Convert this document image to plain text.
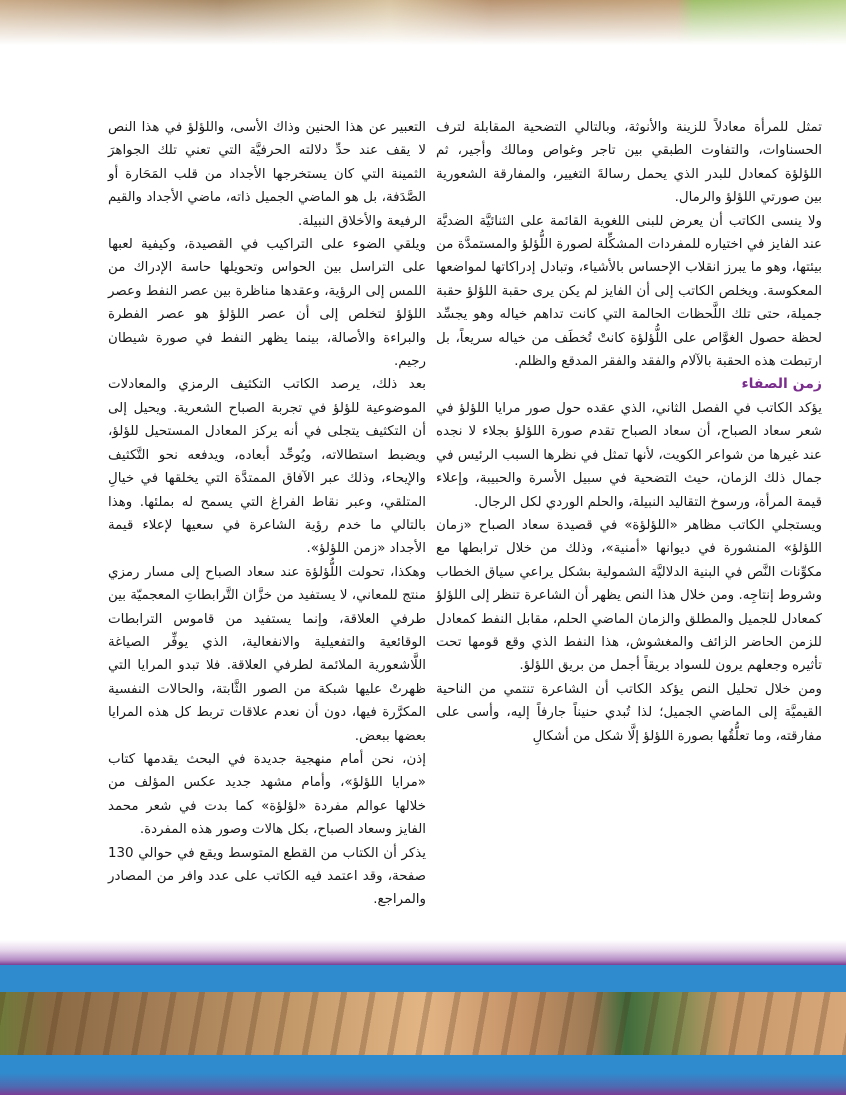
تمثل للمرأة معادلاً للزينة والأنوثة، وبالتالي التضحية المقابلة لترف الحسناوات، والتفاوت الطبقي بين تاجر وغواص ومالك وأجير، ثم اللؤلؤة كمعادل للبدر الذي يحمل رسالةَ التغيير، والمفارقة الشعورية بين صورتي اللؤلؤ والرمال.

ولا ينسى الكاتب أن يعرض للبنى اللغوية القائمة على الثنائيَّة الضديَّة عند الفايز في اختياره للمفردات المشكِّلة لصورة اللُّؤلؤ والمستمدَّة من بيئتها، وهو ما يبرز انقلاب الإحساس بالأشياء، وتبادل إدراكاتها لمواضعها المعكوسة. ويخلص الكاتب إلى أن الفايز لم يكن يرى حقبة اللؤلؤ حقبة جميلة، حتى تلك اللَّحظات الحالمة التي كانت تداهم خياله وهو يجسِّد لحظة حصول الغوَّاص على اللُّؤلؤة كانتْ تُخطَف من خياله سريعاً، بل ارتبطت هذه الحقبة بالآلام والفقد والفقر المدقع والظلم.

زمن الصفاء

يؤكد الكاتب في الفصل الثاني، الذي عقده حول صور مرايا اللؤلؤ في شعر سعاد الصباح، أن سعاد الصباح تقدم صورة اللؤلؤ بجلاء لا نجده عند غيرها من شواعر الكويت، لأنها تمثل في نظرها السبب الرئيس في جمال ذلك الزمان، حيث التضحية في سبيل الأسرة والحبيبة، وإعلاء قيمة المرأة، ورسوخ التقاليد النبيلة، والحلم الوردي لكل الرجال.

ويستجلي الكاتب مظاهر «اللؤلؤة» في قصيدة سعاد الصباح «زمان اللؤلؤ» المنشورة في ديوانها «أمنية»، وذلك من خلال ترابطها مع مكوِّنات النَّص في البنية الدلاليَّة الشمولية بشكل يراعي سياق الخطاب وشروط إنتاجِه. ومن خلال هذا النص يظهر أن الشاعرة تنظر إلى اللؤلؤ كمعادل للجميل والمطلق والزمان الماضي الحلم، مقابل النفط كمعادل للزمن الحاضر الزائف والمغشوش، هذا النفط الذي وقع قومها تحت تأثيره وجعلهم يرون للسواد بريقاً أجمل من بريق اللؤلؤ.

ومن خلال تحليل النص يؤكد الكاتب أن الشاعرة تنتمي من الناحية القيميَّة إلى الماضي الجميل؛ لذا تُبدي حنيناً جارفاً إليه، وأسى على مفارقته، وما تعلُّقُها بصورة اللؤلؤ إلَّا شكل من أشكالِ

التعبير عن هذا الحنين وذاك الأسى، واللؤلؤ في هذا النص لا يقف عند حدِّ دلالته الحرفيَّة التي تعني تلك الجواهرَ الثمينة التي كان يستخرجها الأجداد من قلب المَحَارة أو الصَّدَفة، بل هو الماضي الجميل ذاته، ماضي الأجداد والقيم الرفيعة والأخلاق النبيلة.

ويلقي الضوء على التراكيب في القصيدة، وكيفية لعبها على التراسل بين الحواس وتحويلها حاسة الإدراك من اللمس إلى الرؤية، وعقدها مناظرة بين عصر النفط وعصر اللؤلؤ لتخلص إلى أن عصر اللؤلؤ هو عصر الفطرة والبراءة والأصالة، بينما يظهر النفط في صورة شيطان رجيم.

بعد ذلك، يرصد الكاتب التكثيف الرمزي والمعادلات الموضوعية للؤلؤ في تجربة الصباح الشعرية. ويحيل إلى أن التكثيف يتجلى في أنه يركز المعادل المستحيل للؤلؤ، ويضبط استطالاته، ويُوحِّد أبعاده، ويدفعه نحو التَّكثيف والإيحاء، وذلك عبر الآفاق الممتدَّة التي يخلقها في خيالِ المتلقي، وعبر نقاط الفراغ التي يسمح له بملئها. وهذا بالتالي ما خدم رؤية الشاعرة في سعيها لإعلاء قيمة الأجداد «زمن اللؤلؤ».

وهكذا، تحولت اللُّؤلؤة عند سعاد الصباح إلى مسار رمزي منتج للمعاني، لا يستفيد من خزَّان التَّرابطاتِ المعجميّة بين طرفي العلاقة، وإنما يستفيد من قاموس الترابطات الوقائعية والتفعيلية والانفعالية، الذي يوفِّر الصياغة اللَّاشعورية الملائمة لطرفي العلاقة. فلا تبدو المرايا التي ظهرتْ عليها شبكة من الصور الثَّابتة، والحالات النفسية المكرَّرة فيها، دون أن نعدم علاقات تربط كل هذه المرايا بعضها ببعض.

إذن، نحن أمام منهجية جديدة في البحث يقدمها كتاب «مرايا اللؤلؤ»، وأمام مشهد جديد عكس المؤلف من خلالها عوالم مفردة «لؤلؤة» كما بدت في شعر محمد الفايز وسعاد الصباح، بكل هالات وصور هذه المفردة.

يذكر أن الكتاب من القطع المتوسط ويقع في حوالي 130 صفحة، وقد اعتمد فيه الكاتب على عدد وافر من المصادر والمراجع.
